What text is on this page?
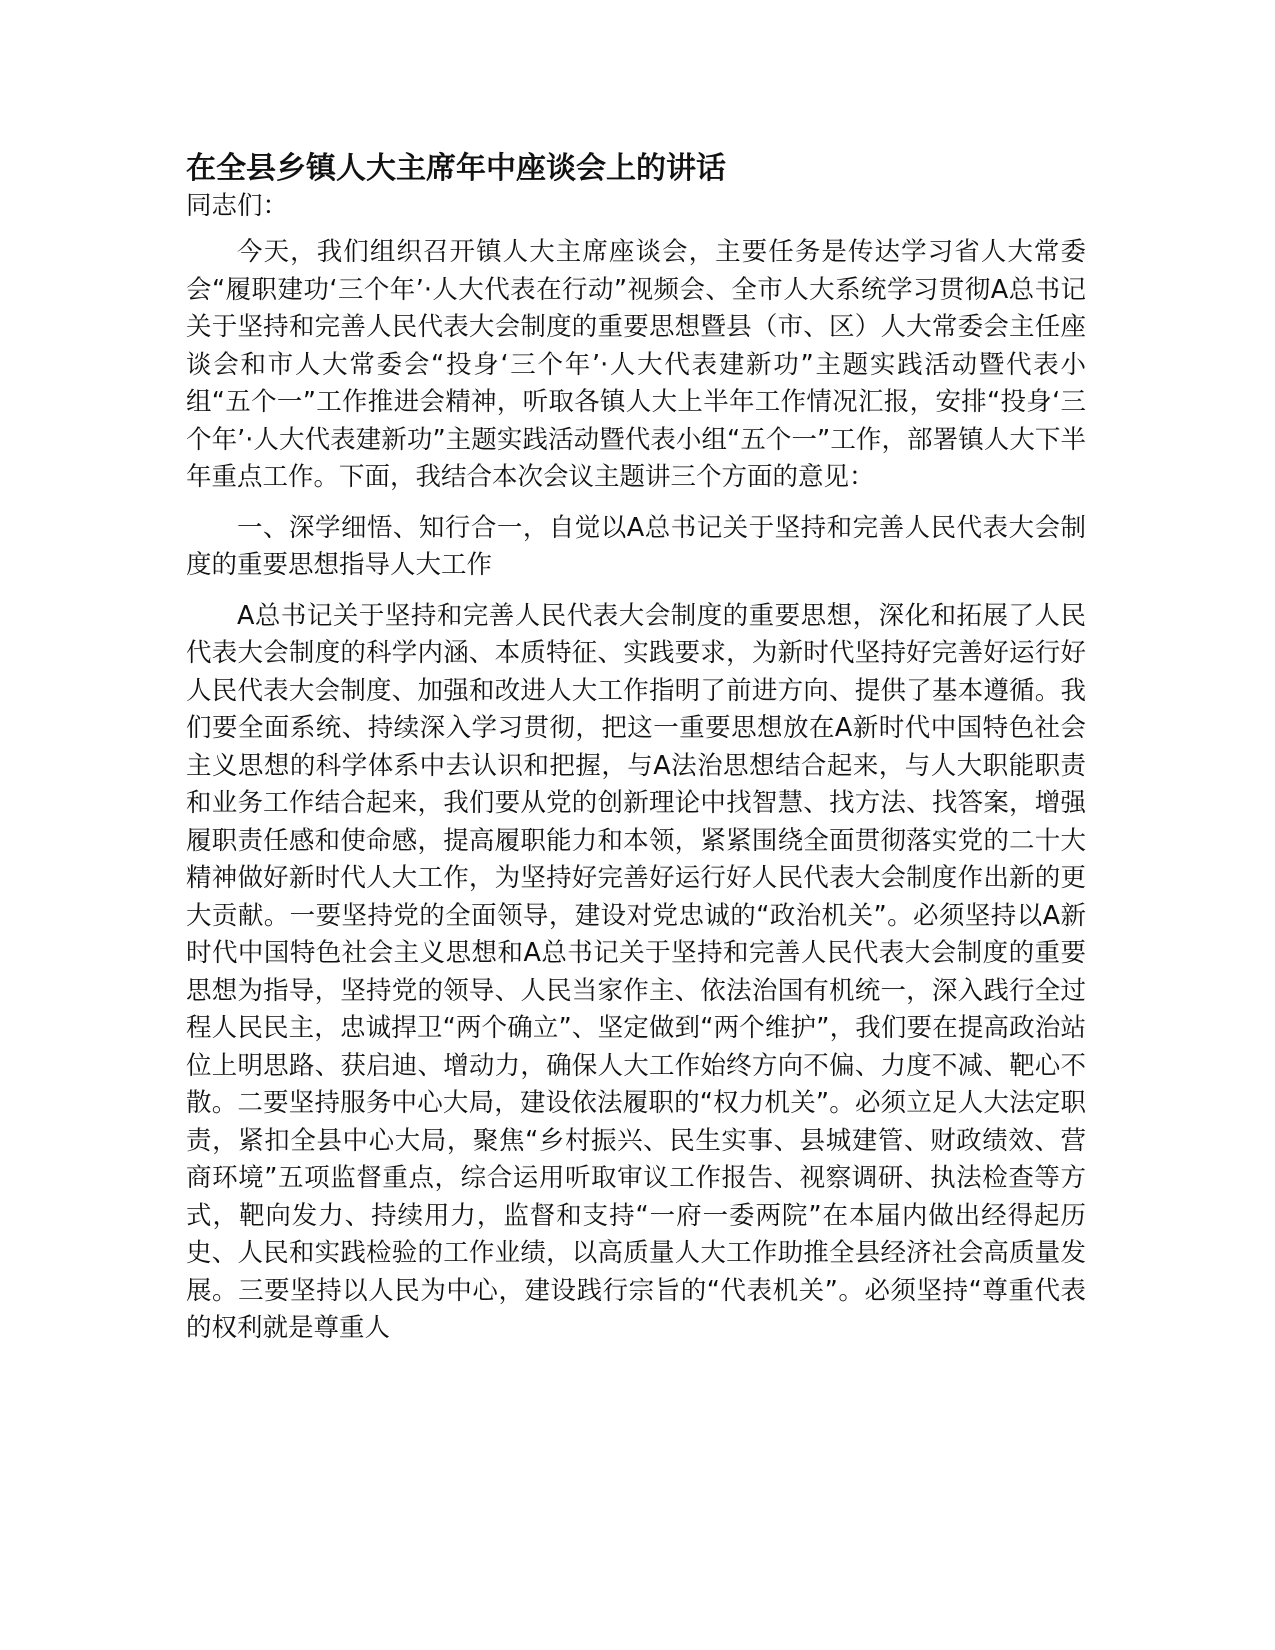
在全县乡镇人大主席年中座谈会上的讲话

同志们：

今天，我们组织召开镇人大主席座谈会，主要任务是传达学习省人大常委会“履职建功‘三个年’·人大代表在行动”视频会、全市人大系统学习贯彻A总书记关于坚持和完善人民代表大会制度的重要思想暨县（市、区）人大常委会主任座谈会和市人大常委会“投身‘三个年’·人大代表建新功”主题实践活动暨代表小组“五个一”工作推进会精神，听取各镇人大上半年工作情况汇报，安排“投身‘三个年’·人大代表建新功”主题实践活动暨代表小组“五个一”工作，部署镇人大下半年重点工作。下面，我结合本次会议主题讲三个方面的意见：

一、深学细悟、知行合一，自觉以A总书记关于坚持和完善人民代表大会制度的重要思想指导人大工作

A总书记关于坚持和完善人民代表大会制度的重要思想，深化和拓展了人民代表大会制度的科学内涵、本质特征、实践要求，为新时代坚持好完善好运行好人民代表大会制度、加强和改进人大工作指明了前进方向、提供了基本遵循。我们要全面系统、持续深入学习贯彻，把这一重要思想放在A新时代中国特色社会主义思想的科学体系中去认识和把握，与A法治思想结合起来，与人大职能职责和业务工作结合起来，我们要从党的创新理论中找智慧、找方法、找答案，增强履职责任感和使命感，提高履职能力和本领，紧紧围绕全面贯彻落实党的二十大精神做好新时代人大工作，为坚持好完善好运行好人民代表大会制度作出新的更大贡献。一要坚持党的全面领导，建设对党忠诚的“政治机关”。必须坚持以A新时代中国特色社会主义思想和A总书记关于坚持和完善人民代表大会制度的重要思想为指导，坚持党的领导、人民当家作主、依法治国有机统一，深入践行全过程人民民主，忠诚捍卫“两个确立”、坚定做到“两个维护”，我们要在提高政治站位上明思路、获启迪、增动力，确保人大工作始终方向不偏、力度不减、靶心不散。二要坚持服务中心大局，建设依法履职的“权力机关”。必须立足人大法定职责，紧扣全县中心大局，聚焦“乡村振兴、民生实事、县城建管、财政绩效、营商环境”五项监督重点，综合运用听取审议工作报告、视察调研、执法检查等方式，靶向发力、持续用力，监督和支持“一府一委两院”在本届内做出经得起历史、人民和实践检验的工作业绩，以高质量人大工作助推全县经济社会高质量发展。三要坚持以人民为中心，建设践行宗旨的“代表机关”。必须坚持“尊重代表的权利就是尊重人
